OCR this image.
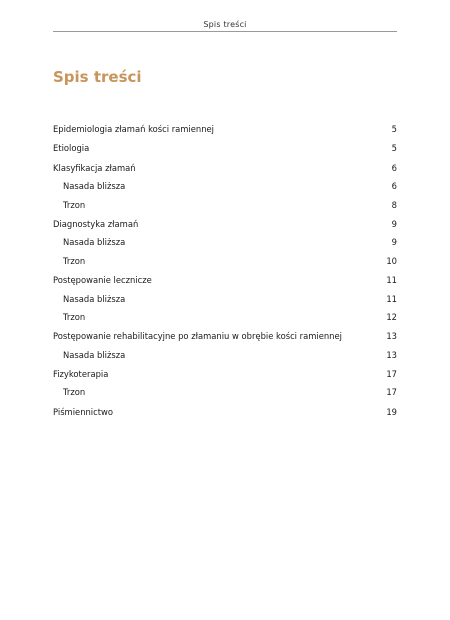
Spis treści
Spis treści
Epidemiologia złamań kości ramiennej	5
Etiologia	5
Klasyfikacja złamań	6
Nasada bliższa	6
Trzon	8
Diagnostyka złamań	9
Nasada bliższa	9
Trzon	10
Postępowanie lecznicze	11
Nasada bliższa	11
Trzon	12
Postępowanie rehabilitacyjne po złamaniu w obrębie kości ramiennej	13
Nasada bliższa	13
Fizykoterapia	17
Trzon	17
Piśmiennictwo	19
